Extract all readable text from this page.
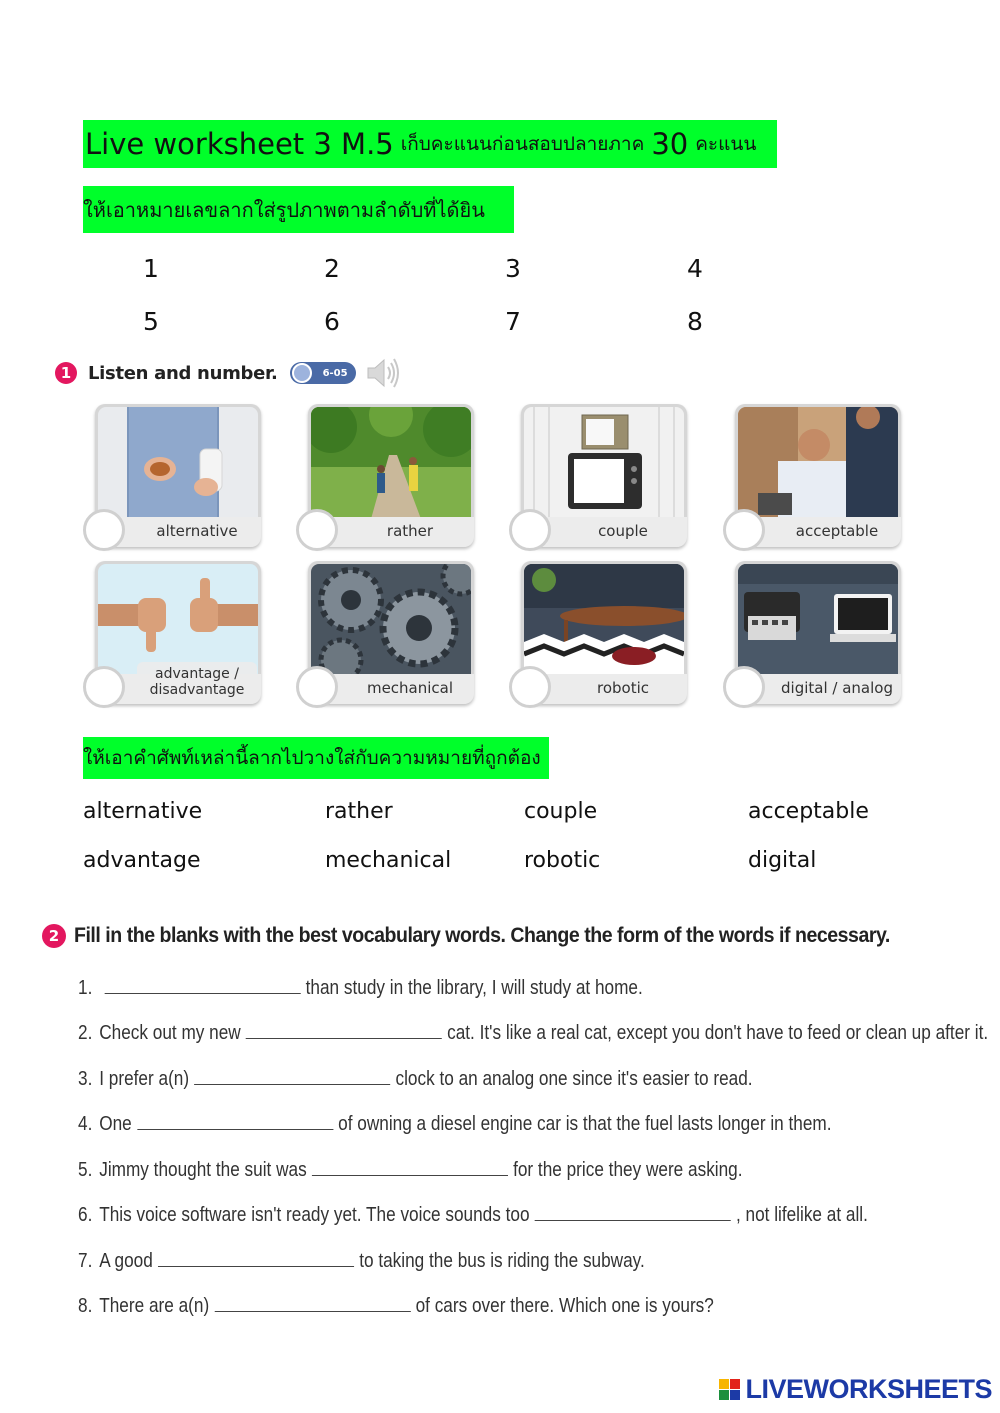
Live worksheet 3 M.5 เก็บคะแนนก่อนสอบปลายภาค 30 คะแนน
ให้เอาหมายเลขลากใส่รูปภาพตามลำดับที่ได้ยิน
1	2	3	4
5	6	7	8
1 Listen and number.	6-05
alternative	rather	couple	acceptable
advantage /
disadvantage	mechanical	robotic	digital / analog
ให้เอาคำศัพท์เหล่านี้ลากไปวางใส่กับความหมายที่ถูกต้อง
alternative	rather	couple	acceptable
advantage	mechanical	robotic	digital
2 Fill in the blanks with the best vocabulary words. Change the form of the words if necessary.
1.	than study in the library, I will study at home.
2. Check out my new	cat. It's like a real cat, except you don't have to feed or clean up after it.
3. I prefer a(n)	clock to an analog one since it's easier to read.
4. One	of owning a diesel engine car is that the fuel lasts longer in them.
5. Jimmy thought the suit was	for the price they were asking.
6. This voice software isn't ready yet. The voice sounds too	, not lifelike at all.
7. A good	to taking the bus is riding the subway.
8. There are a(n)	of cars over there. Which one is yours?
LIVEWORKSHEETS
